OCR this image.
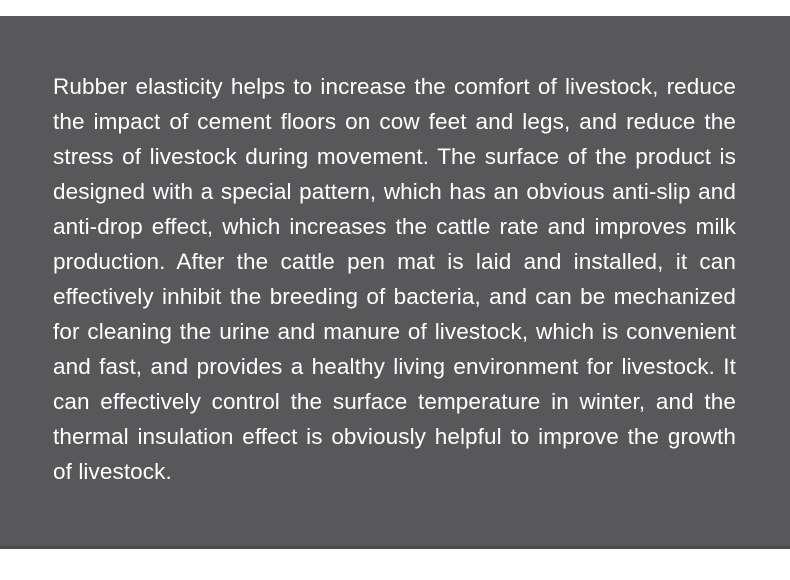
Rubber elasticity helps to increase the comfort of livestock, reduce
the impact of cement floors on cow feet and legs, and reduce the
stress of livestock during movement. The surface of the product is
designed with a special pattern, which has an obvious anti-slip and
anti-drop effect, which increases the cattle rate and improves milk
production. After the cattle pen mat is laid and installed, it can
effectively inhibit the breeding of bacteria, and can be mechanized
for cleaning the urine and manure of livestock, which is convenient
and fast, and provides a healthy living environment for livestock. It
can effectively control the surface temperature in winter, and the
thermal insulation effect is obviously helpful to improve the growth
of livestock.
